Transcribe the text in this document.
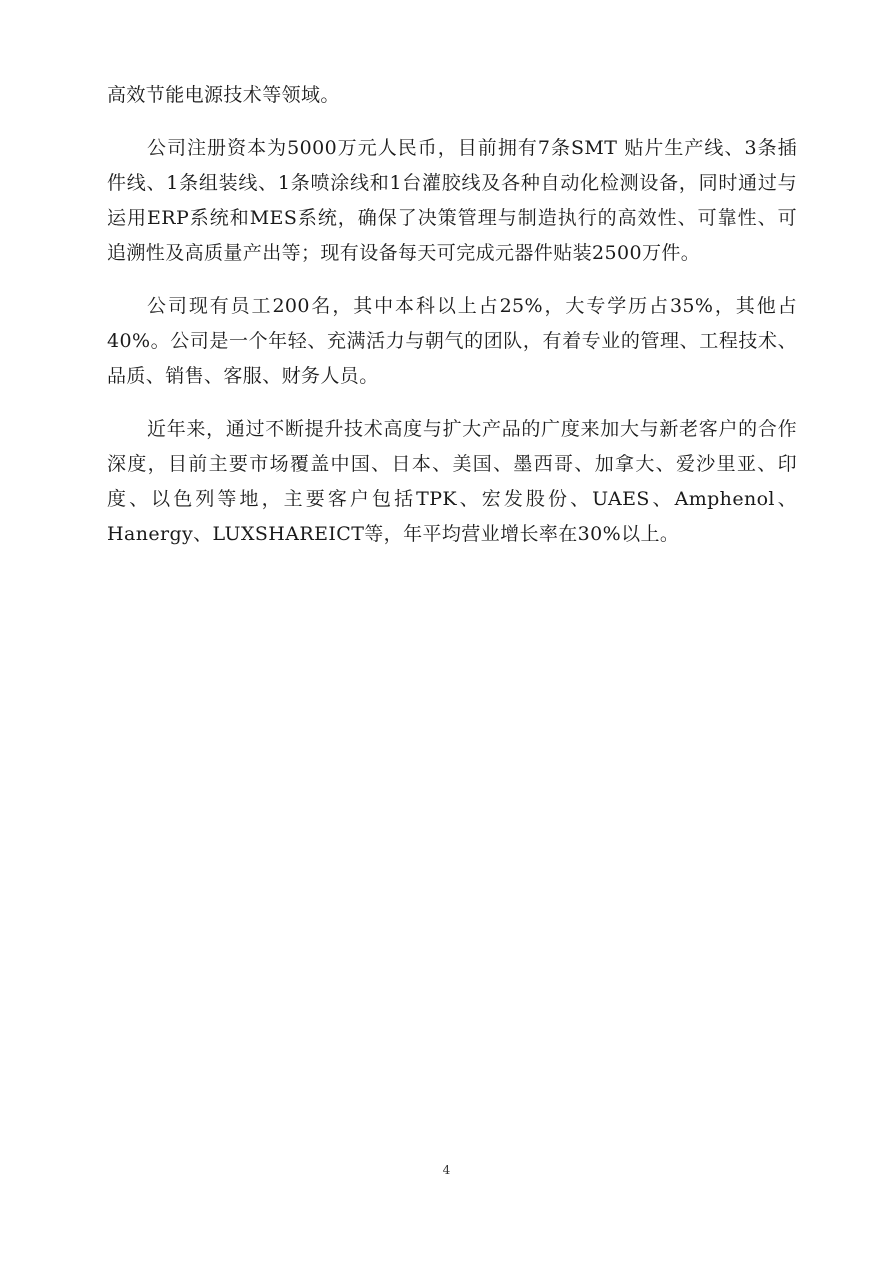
高效节能电源技术等领域。

公司注册资本为5000万元人民币，目前拥有7条SMT 贴片生产线、3条插件线、1条组装线、1条喷涂线和1台灌胶线及各种自动化检测设备，同时通过与运用ERP系统和MES系统，确保了决策管理与制造执行的高效性、可靠性、可追溯性及高质量产出等；现有设备每天可完成元器件贴装2500万件。

公司现有员工200名，其中本科以上占25%，大专学历占35%，其他占40%。公司是一个年轻、充满活力与朝气的团队，有着专业的管理、工程技术、品质、销售、客服、财务人员。

近年来，通过不断提升技术高度与扩大产品的广度来加大与新老客户的合作深度，目前主要市场覆盖中国、日本、美国、墨西哥、加拿大、爱沙里亚、印度、以色列等地，主要客户包括TPK、宏发股份、UAES、Amphenol、Hanergy、LUXSHAREICT等，年平均营业增长率在30%以上。

4
